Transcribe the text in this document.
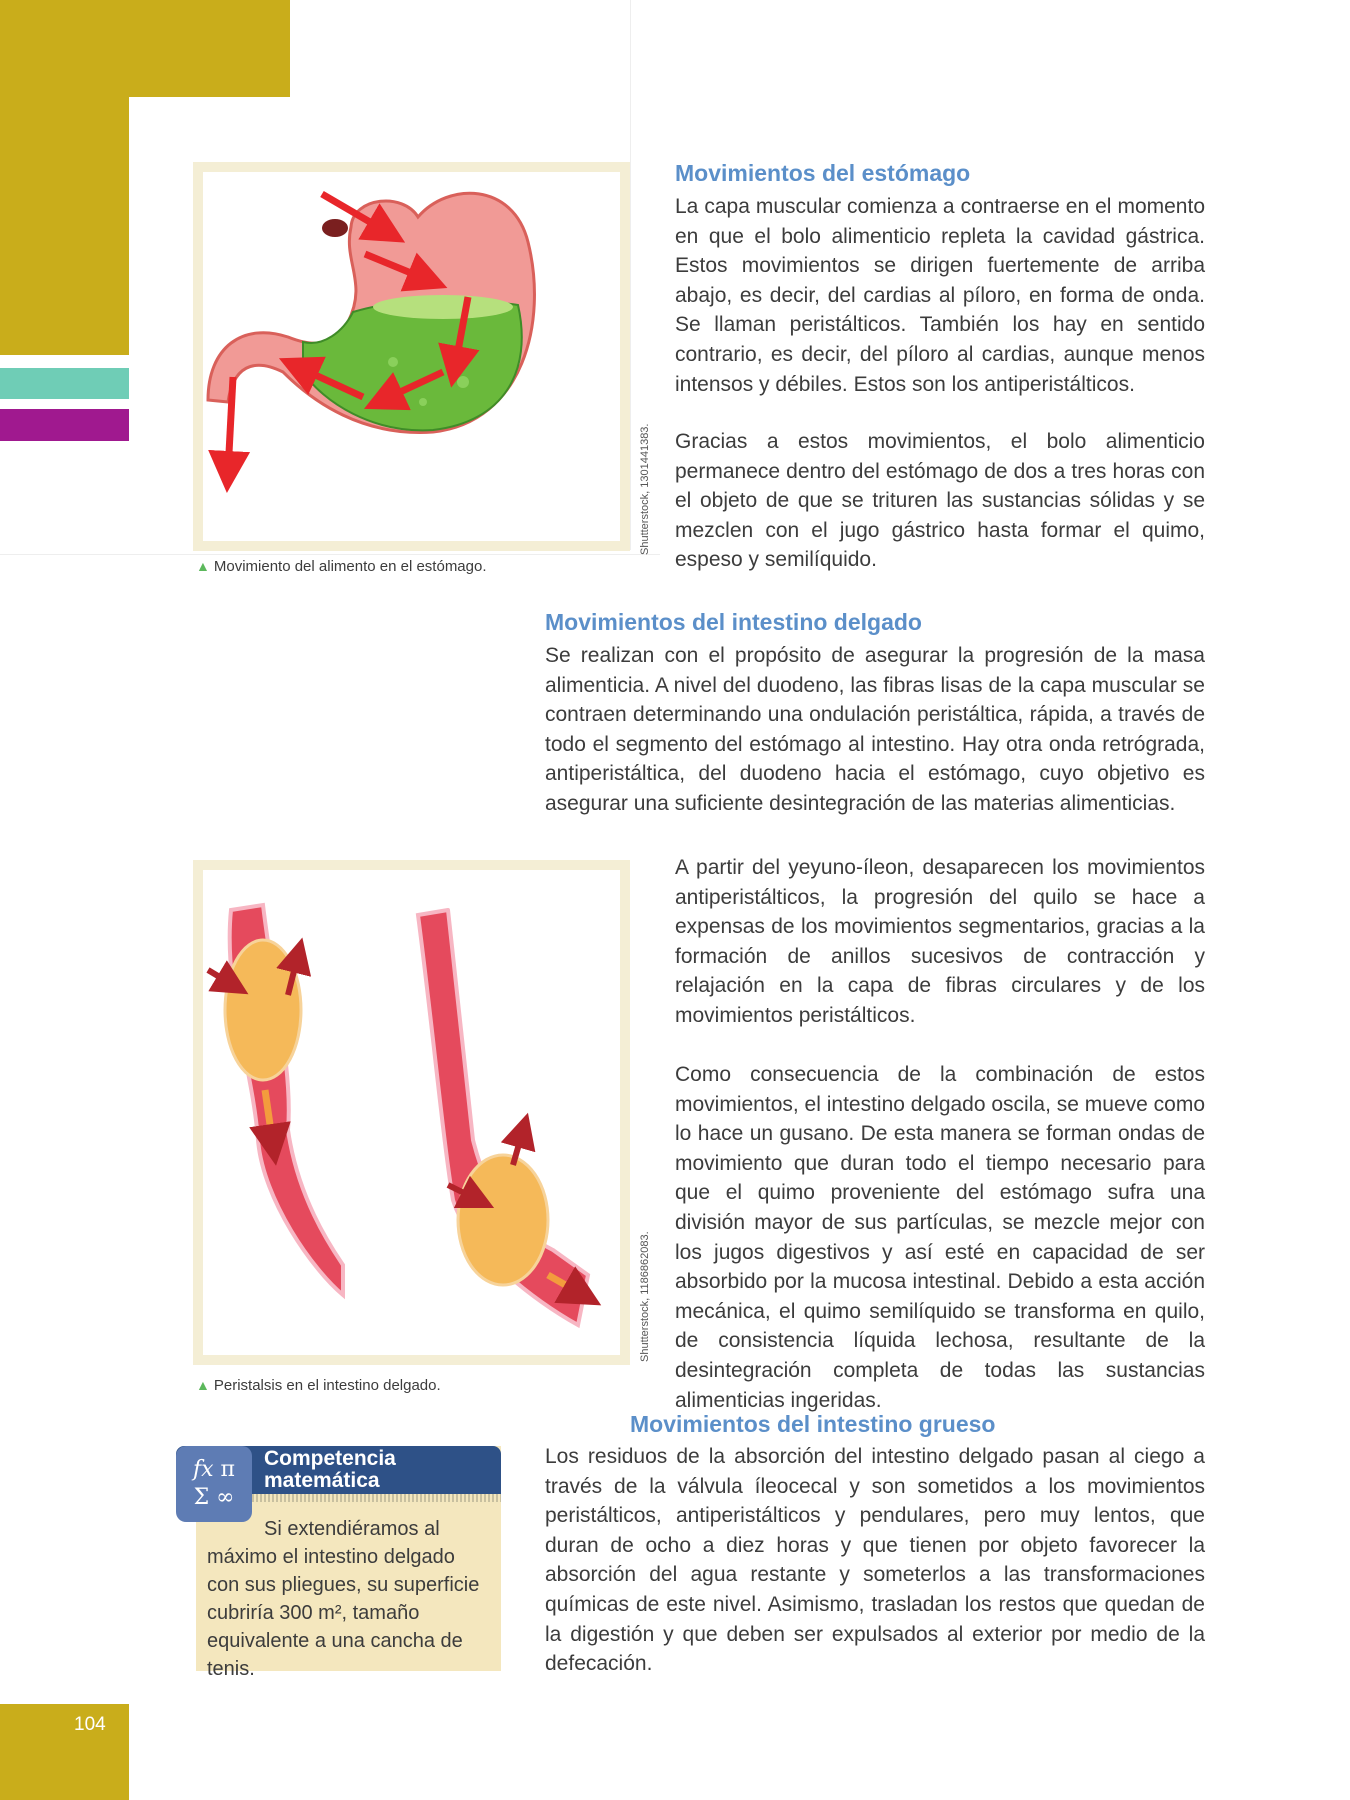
104
Shutterstock, 1301441383.
▲ Movimiento del alimento en el estómago.
Movimientos del estómago

La capa muscular comienza a contraerse en el momento en que el bolo alimenticio repleta la cavidad gástrica. Estos movimientos se dirigen fuertemente de arriba abajo, es decir, del cardias al píloro, en forma de onda. Se llaman peristálticos. También los hay en sentido contrario, es decir, del píloro al cardias, aunque menos intensos y débiles. Estos son los antiperistálticos.

Gracias a estos movimientos, el bolo alimenticio permanece dentro del estómago de dos a tres horas con el objeto de que se trituren las sustancias sólidas y se mezclen con el jugo gástrico hasta formar el quimo, espeso y semilíquido.

Movimientos del intestino delgado

Se realizan con el propósito de asegurar la progresión de la masa alimenticia. A nivel del duodeno, las fibras lisas de la capa muscular se contraen determinando una ondulación peristáltica, rápida, a través de todo el segmento del estómago al intestino. Hay otra onda retrógrada, antiperistáltica, del duodeno hacia el estómago, cuyo objetivo es asegurar una suficiente desintegración de las materias alimenticias.

Shutterstock, 1186862083.
▲ Peristalsis en el intestino delgado.

A partir del yeyuno-íleon, desaparecen los movimientos antiperistálticos, la progresión del quilo se hace a expensas de los movimientos segmentarios, gracias a la formación de anillos sucesivos de contracción y relajación en la capa de fibras circulares y de los movimientos peristálticos.

Como consecuencia de la combinación de estos movimientos, el intestino delgado oscila, se mueve como lo hace un gusano. De esta manera se forman ondas de movimiento que duran todo el tiempo necesario para que el quimo proveniente del estómago sufra una división mayor de sus partículas, se mezcle mejor con los jugos digestivos y así esté en capacidad de ser absorbido por la mucosa intestinal. Debido a esta acción mecánica, el quimo semilíquido se transforma en quilo, de consistencia líquida lechosa, resultante de la desintegración completa de todas las sustancias alimenticias ingeridas.

Movimientos del intestino grueso

Los residuos de la absorción del intestino delgado pasan al ciego a través de la válvula íleocecal y son sometidos a los movimientos peristálticos, antiperistálticos y pendulares, pero muy lentos, que duran de ocho a diez horas y que tienen por objeto favorecer la absorción del agua restante y someterlos a las transformaciones químicas de este nivel. Asimismo, trasladan los restos que quedan de la digestión y que deben ser expulsados al exterior por medio de la defecación.

𝑓𝑥 π
Σ ∞
Competencia
matemática

Si extendiéramos al máximo el intestino delgado con sus pliegues, su superficie cubriría 300 m², tamaño equivalente a una cancha de tenis.
